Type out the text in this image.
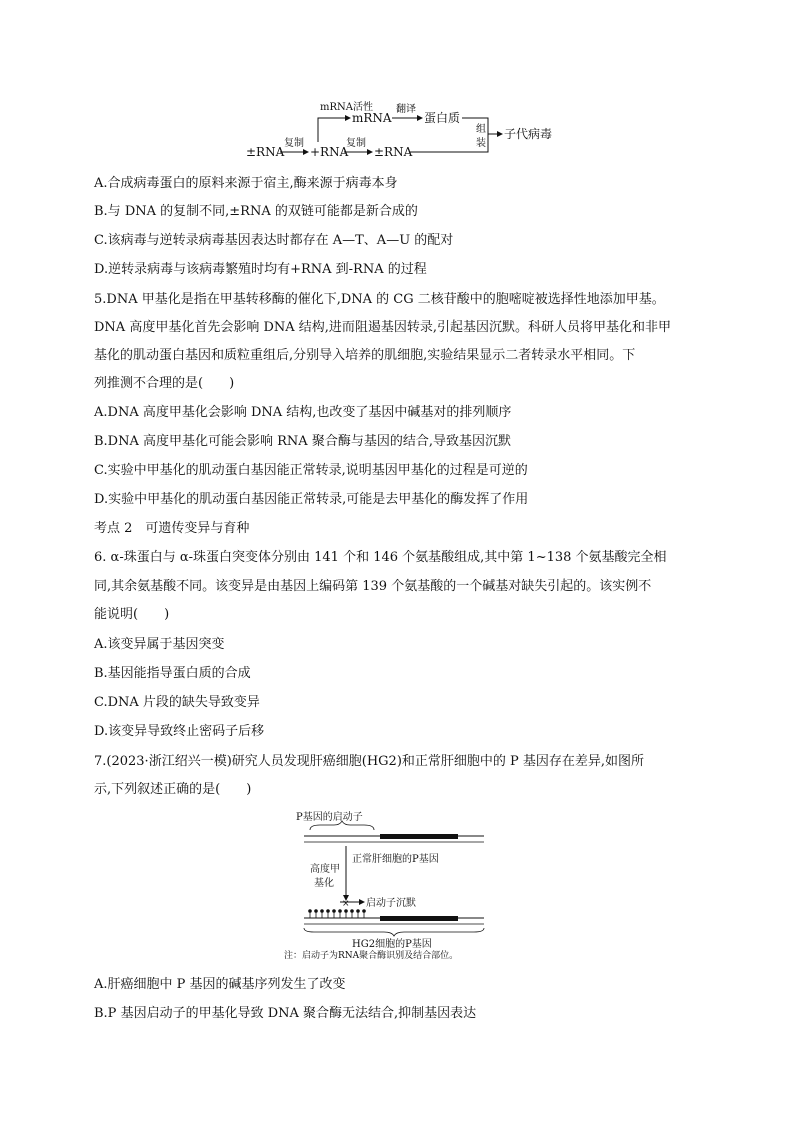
±RNA
复制
+RNA
复制
±RNA
mRNA活性
mRNA
翻译
蛋白质
组
装
子代病毒
A.合成病毒蛋白的原料来源于宿主,酶来源于病毒本身
B.与 DNA 的复制不同,±RNA 的双链可能都是新合成的
C.该病毒与逆转录病毒基因表达时都存在 A—T、A—U 的配对
D.逆转录病毒与该病毒繁殖时均有+RNA 到-RNA 的过程
5.DNA 甲基化是指在甲基转移酶的催化下,DNA 的 CG 二核苷酸中的胞嘧啶被选择性地添加甲基。
DNA 高度甲基化首先会影响 DNA 结构,进而阻遏基因转录,引起基因沉默。科研人员将甲基化和非甲
基化的肌动蛋白基因和质粒重组后,分别导入培养的肌细胞,实验结果显示二者转录水平相同。下
列推测不合理的是(　　)
A.DNA 高度甲基化会影响 DNA 结构,也改变了基因中碱基对的排列顺序
B.DNA 高度甲基化可能会影响 RNA 聚合酶与基因的结合,导致基因沉默
C.实验中甲基化的肌动蛋白基因能正常转录,说明基因甲基化的过程是可逆的
D.实验中甲基化的肌动蛋白基因能正常转录,可能是去甲基化的酶发挥了作用
考点 2　可遗传变异与育种
6. α-珠蛋白与 α-珠蛋白突变体分别由 141 个和 146 个氨基酸组成,其中第 1~138 个氨基酸完全相
同,其余氨基酸不同。该变异是由基因上编码第 139 个氨基酸的一个碱基对缺失引起的。该实例不
能说明(　　)
A.该变异属于基因突变
B.基因能指导蛋白质的合成
C.DNA 片段的缺失导致变异
D.该变异导致终止密码子后移
7.(2023·浙江绍兴一模)研究人员发现肝癌细胞(HG2)和正常肝细胞中的 P 基因存在差异,如图所
示,下列叙述正确的是(　　)
P基因的启动子
正常肝细胞的P基因
高度甲
基化
× 启动子沉默
HG2细胞的P基因
注：启动子为RNA聚合酶识别及结合部位。
A.肝癌细胞中 P 基因的碱基序列发生了改变
B.P 基因启动子的甲基化导致 DNA 聚合酶无法结合,抑制基因表达
